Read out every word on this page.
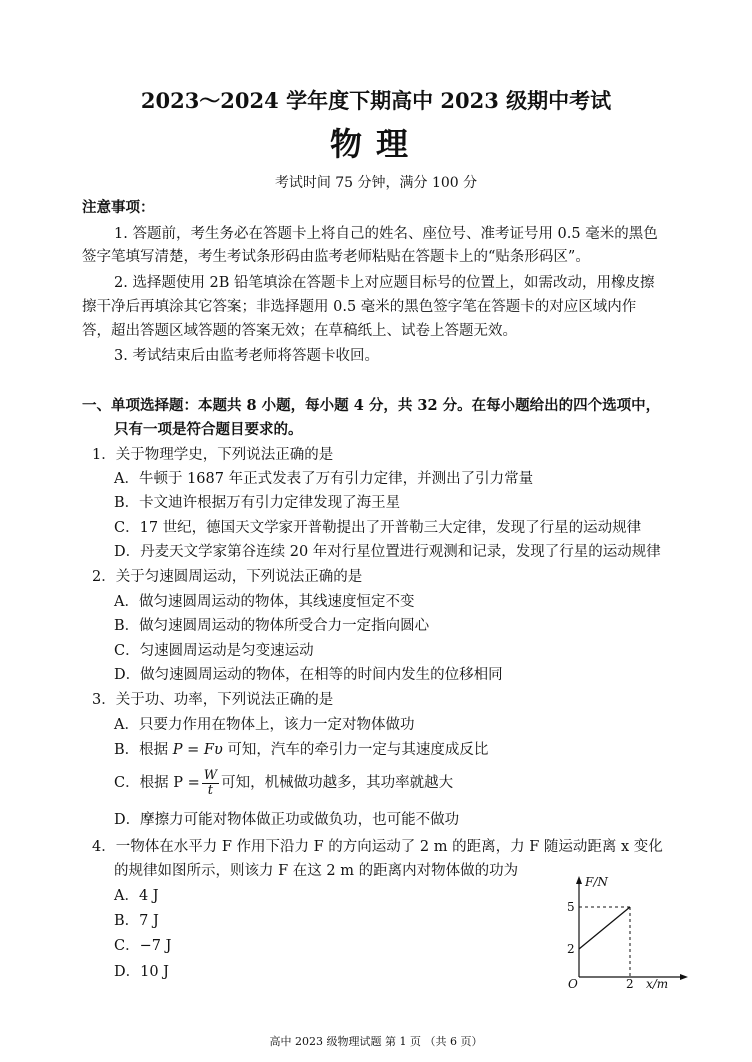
2023～2024 学年度下期高中 2023 级期中考试
物理
考试时间 75 分钟，满分 100 分
注意事项：
1. 答题前，考生务必在答题卡上将自己的姓名、座位号、准考证号用 0.5 毫米的黑色
签字笔填写清楚，考生考试条形码由监考老师粘贴在答题卡上的“贴条形码区”。
2. 选择题使用 2B 铅笔填涂在答题卡上对应题目标号的位置上，如需改动，用橡皮擦
擦干净后再填涂其它答案；非选择题用 0.5 毫米的黑色签字笔在答题卡的对应区域内作
答，超出答题区域答题的答案无效；在草稿纸上、试卷上答题无效。
3. 考试结束后由监考老师将答题卡收回。
一、单项选择题：本题共 8 小题，每小题 4 分，共 32 分。在每小题给出的四个选项中，
只有一项是符合题目要求的。
1．关于物理学史，下列说法正确的是
A．牛顿于 1687 年正式发表了万有引力定律，并测出了引力常量
B．卡文迪许根据万有引力定律发现了海王星
C．17 世纪，德国天文学家开普勒提出了开普勒三大定律，发现了行星的运动规律
D．丹麦天文学家第谷连续 20 年对行星位置进行观测和记录，发现了行星的运动规律
2．关于匀速圆周运动，下列说法正确的是
A．做匀速圆周运动的物体，其线速度恒定不变
B．做匀速圆周运动的物体所受合力一定指向圆心
C．匀速圆周运动是匀变速运动
D．做匀速圆周运动的物体，在相等的时间内发生的位移相同
3．关于功、功率，下列说法正确的是
A．只要力作用在物体上，该力一定对物体做功
B．根据 P = Fυ 可知，汽车的牵引力一定与其速度成反比
C．根据 $P = \frac{W}{t}$ 可知，机械做功越多，其功率就越大
D．摩擦力可能对物体做正功或做负功，也可能不做功
4．一物体在水平力 F 作用下沿力 F 的方向运动了 2 m 的距离，力 F 随运动距离 x 变化
的规律如图所示，则该力 F 在这 2 m 的距离内对物体做的功为
A．4 J
B．7 J
C．−7 J
D．10 J
F/N
x/m
O
5
2
2
高中 2023 级物理试题 第 1 页 （共 6 页）
